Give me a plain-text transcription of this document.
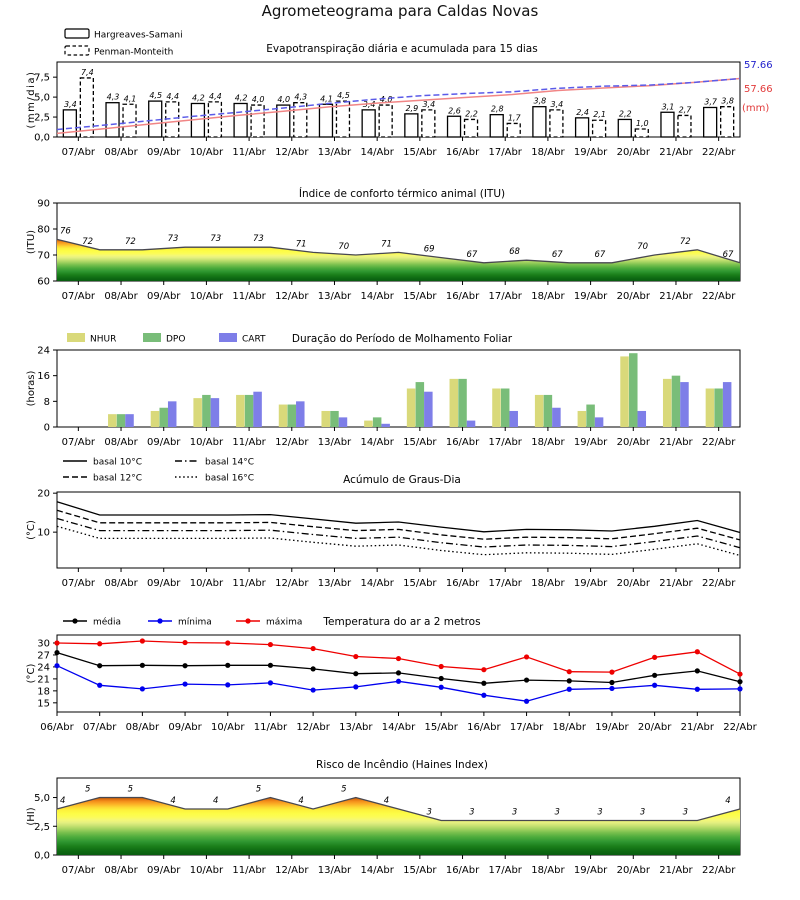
Agrometeograma para Caldas Novas
0,0
2,5
5,0
7,5
(mm/dia)
07/Abr 08/Abr 09/Abr 10/Abr 11/Abr 12/Abr 13/Abr 14/Abr 15/Abr 16/Abr 17/Abr 18/Abr 19/Abr 20/Abr 21/Abr 22/Abr
Evapotranspiração diária e acumulada para 15 dias
3,4
7,4
4,3 4,1 4,5 4,4 4,2 4,4 4,2 4,0 4,0 4,3 4,1 4,5
3,4
4,0
2,9 3,4
2,6 2,2
2,8
1,7
3,8 3,4
2,4 2,1 2,2
1,0
3,1 2,7
3,7 3,8
57.66
57.66
(mm)
Hargreaves-Samani
Penman-Monteith
60
70
80
90
(ITU)
07/Abr 08/Abr 09/Abr 10/Abr 11/Abr 12/Abr 13/Abr 14/Abr 15/Abr 16/Abr 17/Abr 18/Abr 19/Abr 20/Abr 21/Abr 22/Abr
Índice de conforto térmico animal (ITU)
76
72	72	73	73	73
71	70	71
69
67	68	67	67
70
72
67
0,0
2,5
5,0
(HI)
07/Abr 08/Abr 09/Abr 10/Abr 11/Abr 12/Abr 13/Abr 14/Abr 15/Abr 16/Abr 17/Abr 18/Abr 19/Abr 20/Abr 21/Abr 22/Abr
Risco de Incêndio (Haines Index)
4
5	5
4	4
5
4
5
4
3	3	3	3	3	3	3
4
0
8
16
24
(horas)
07/Abr 08/Abr 09/Abr 10/Abr 11/Abr 12/Abr 13/Abr 14/Abr 15/Abr 16/Abr 17/Abr 18/Abr 19/Abr 20/Abr 21/Abr 22/Abr
Duração do Período de Molhamento Foliar
NHUR	DPO	CART
10
20
(°C)
07/Abr 08/Abr 09/Abr 10/Abr 11/Abr 12/Abr 13/Abr 14/Abr 15/Abr 16/Abr 17/Abr 18/Abr 19/Abr 20/Abr 21/Abr 22/Abr
Acúmulo de Graus-Dia
basal 10°C
basal 12°C
basal 14°C
basal 16°C
15
18
21
24
27
30
(°C)
06/Abr 07/Abr 08/Abr 09/Abr 10/Abr 11/Abr 12/Abr 13/Abr 14/Abr 15/Abr 16/Abr 17/Abr 18/Abr 19/Abr 20/Abr 21/Abr 22/Abr
Temperatura do ar a 2 metros
média	mínima	máxima
